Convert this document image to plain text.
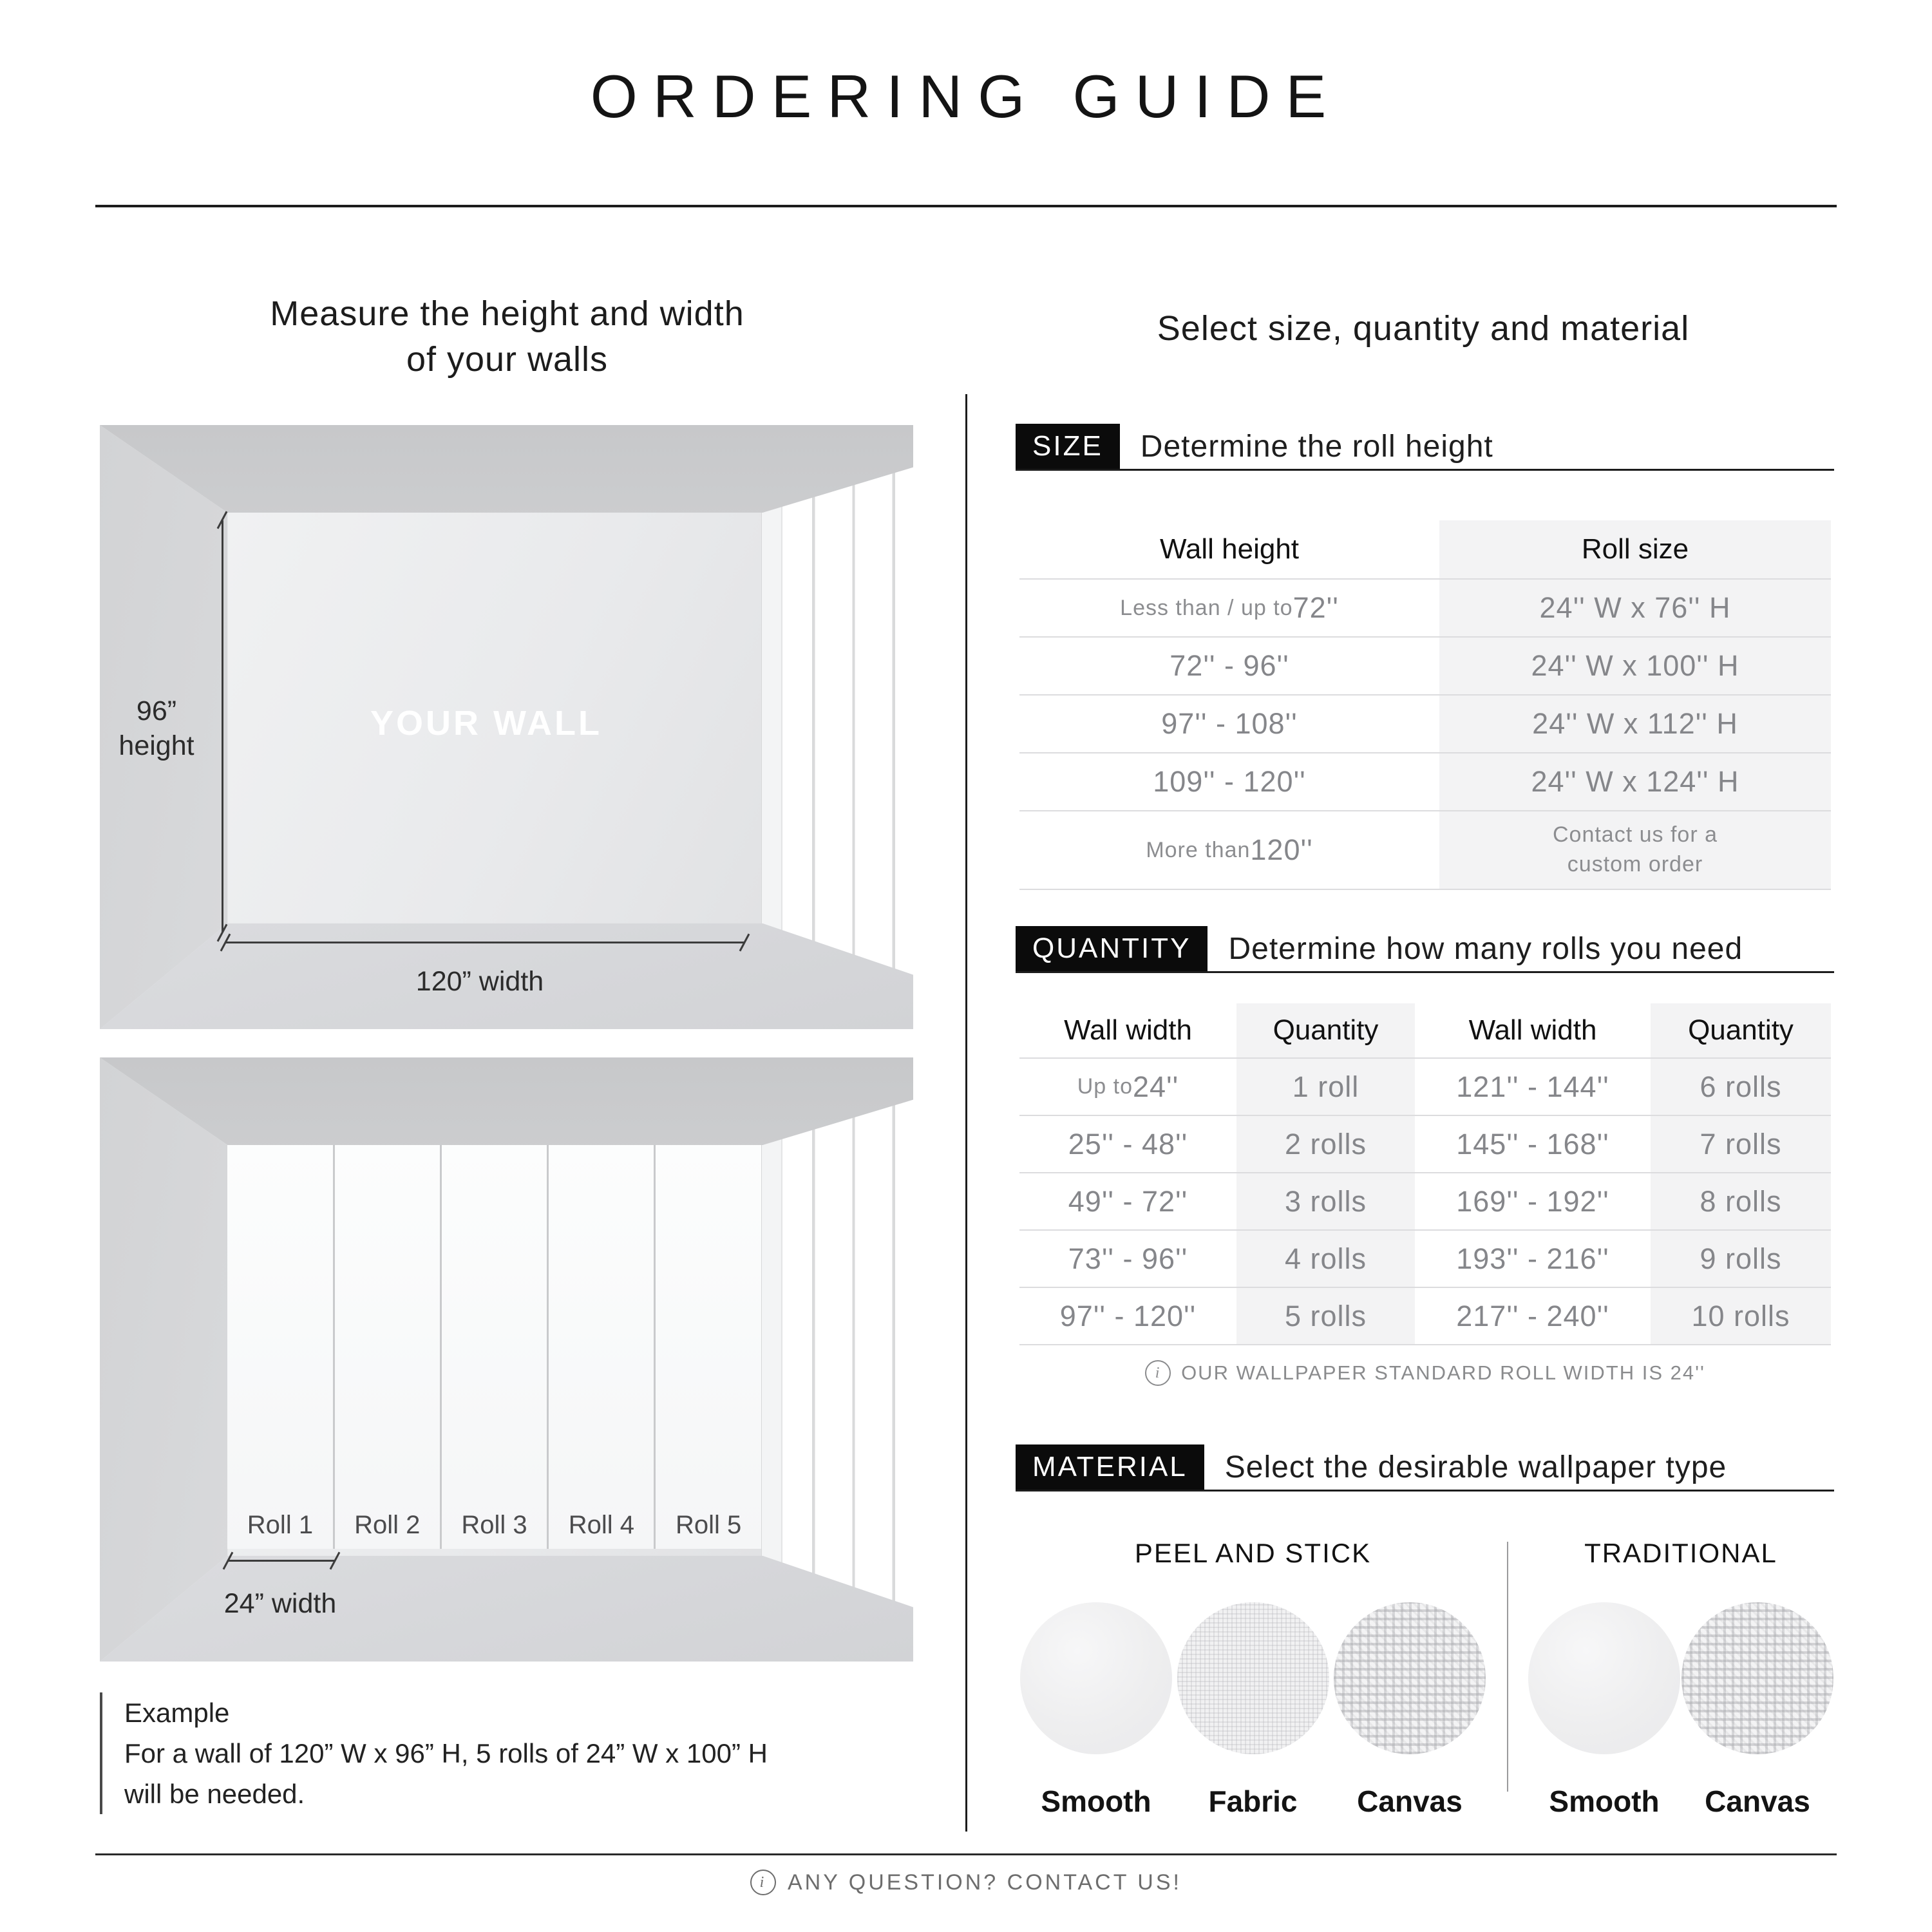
ORDERING GUIDE
Measure the height and width
of your walls
96”
height
YOUR WALL
120” width
Roll 1	Roll 2	Roll 3	Roll 4	Roll 5
24” width
Example
For a wall of 120” W x 96” H, 5 rolls of 24” W x 100” H
will be needed.
Select size, quantity and material
SIZE	Determine the roll height
Wall height	Roll size
Less than / up to 72''	24'' W x 76'' H
72'' - 96''	24'' W x 100'' H
97'' - 108''	24'' W x 112'' H
109'' - 120''	24'' W x 124'' H
More than 120''	Contact us for a custom order
QUANTITY	Determine how many rolls you need
Wall width	Quantity	Wall width	Quantity
Up to 24''	1 roll	121'' - 144''	6 rolls
25'' - 48''	2 rolls	145'' - 168''	7 rolls
49'' - 72''	3 rolls	169'' - 192''	8 rolls
73'' - 96''	4 rolls	193'' - 216''	9 rolls
97'' - 120''	5 rolls	217'' - 240''	10 rolls
i	OUR WALLPAPER STANDARD ROLL WIDTH IS 24''
MATERIAL	Select the desirable wallpaper type
PEEL AND STICK
Smooth Fabric Canvas
TRADITIONAL
Smooth Canvas
i ANY QUESTION? CONTACT US!
